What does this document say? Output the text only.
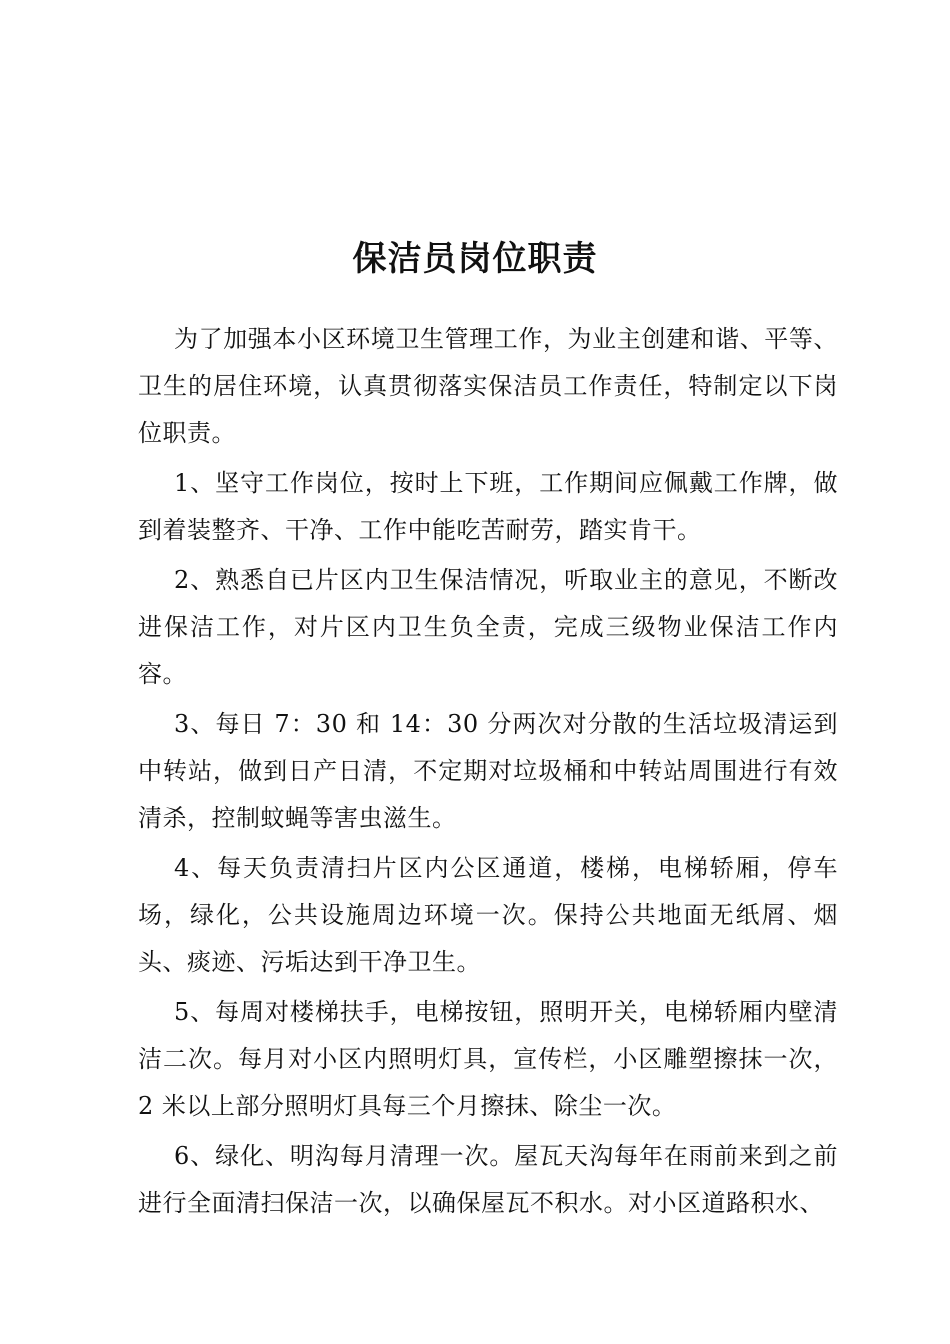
保洁员岗位职责

为了加强本小区环境卫生管理工作，为业主创建和谐、平等、卫生的居住环境，认真贯彻落实保洁员工作责任，特制定以下岗位职责。

1、坚守工作岗位，按时上下班，工作期间应佩戴工作牌，做到着装整齐、干净、工作中能吃苦耐劳，踏实肯干。

2、熟悉自已片区内卫生保洁情况，听取业主的意见，不断改进保洁工作，对片区内卫生负全责，完成三级物业保洁工作内容。

3、每日 7：30 和 14：30 分两次对分散的生活垃圾清运到中转站，做到日产日清，不定期对垃圾桶和中转站周围进行有效清杀，控制蚊蝇等害虫滋生。

4、每天负责清扫片区内公区通道，楼梯，电梯轿厢，停车场，绿化，公共设施周边环境一次。保持公共地面无纸屑、烟头、痰迹、污垢达到干净卫生。

5、每周对楼梯扶手，电梯按钮，照明开关，电梯轿厢内壁清洁二次。每月对小区内照明灯具，宣传栏，小区雕塑擦抹一次，2 米以上部分照明灯具每三个月擦抹、除尘一次。

6、绿化、明沟每月清理一次。屋瓦天沟每年在雨前来到之前进行全面清扫保洁一次，以确保屋瓦不积水。对小区道路积水、
